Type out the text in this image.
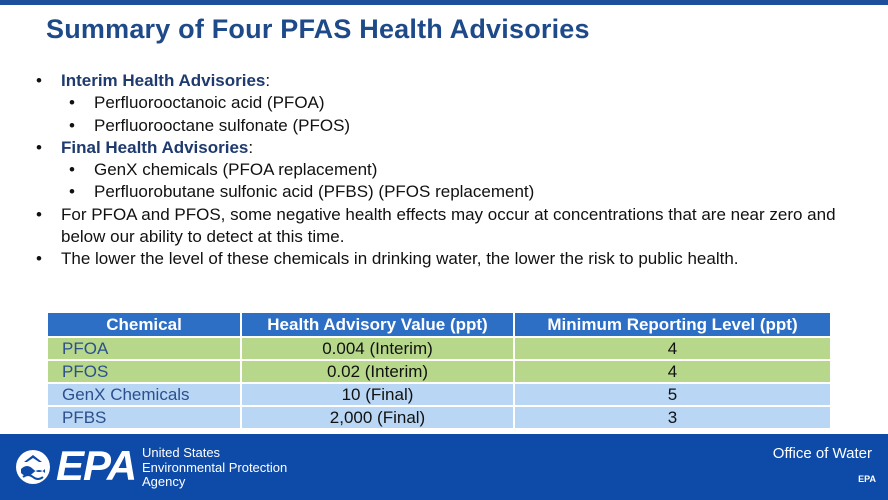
Summary of Four PFAS Health Advisories
• Interim Health Advisories:
• Perfluorooctanoic acid (PFOA)
• Perfluorooctane sulfonate (PFOS)
• Final Health Advisories:
• GenX chemicals (PFOA replacement)
• Perfluorobutane sulfonic acid (PFBS) (PFOS replacement)
• For PFOA and PFOS, some negative health effects may occur at concentrations that are near zero and below our ability to detect at this time.
• The lower the level of these chemicals in drinking water, the lower the risk to public health.
Chemical	Health Advisory Value (ppt)	Minimum Reporting Level (ppt)
PFOA	0.004 (Interim)	4
PFOS	0.02 (Interim)	4
GenX Chemicals	10 (Final)	5
PFBS	2,000 (Final)	3
EPA United States
Environmental Protection
Agency
Office of Water
EPA
